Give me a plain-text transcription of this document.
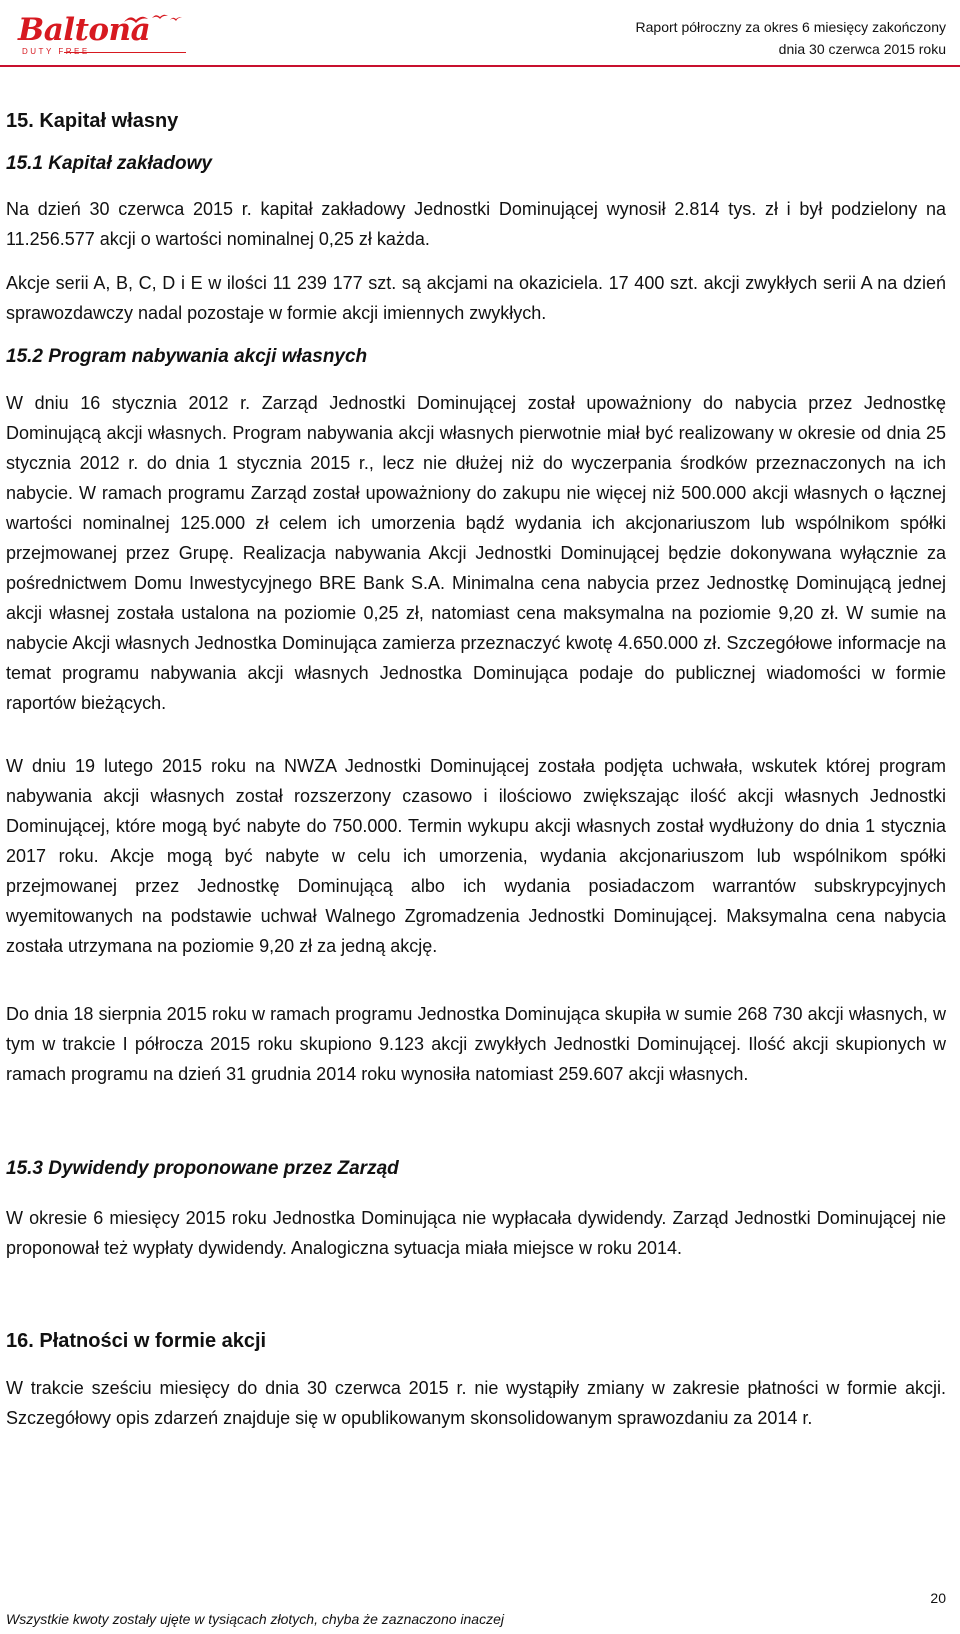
Baltona
DUTY FREE
Raport półroczny za okres 6 miesięcy zakończony
dnia 30 czerwca 2015 roku
15. Kapitał własny
15.1 Kapitał zakładowy

Na dzień 30 czerwca 2015 r. kapitał zakładowy Jednostki Dominującej wynosił 2.814 tys. zł i był podzielony na 11.256.577 akcji o wartości nominalnej 0,25 zł każda.

Akcje serii A, B, C, D i E w ilości 11 239 177 szt. są akcjami na okaziciela. 17 400 szt. akcji zwykłych serii A na dzień sprawozdawczy nadal pozostaje w formie akcji imiennych zwykłych.

15.2 Program nabywania akcji własnych

W dniu 16 stycznia 2012 r. Zarząd Jednostki Dominującej został upoważniony do nabycia przez Jednostkę Dominującą akcji własnych. Program nabywania akcji własnych pierwotnie miał być realizowany w okresie od dnia 25 stycznia 2012 r. do dnia 1 stycznia 2015 r., lecz nie dłużej niż do wyczerpania środków przeznaczonych na ich nabycie. W ramach programu Zarząd został upoważniony do zakupu nie więcej niż 500.000 akcji własnych o łącznej wartości nominalnej 125.000 zł celem ich umorzenia bądź wydania ich akcjonariuszom lub wspólnikom spółki przejmowanej przez Grupę. Realizacja nabywania Akcji Jednostki Dominującej będzie dokonywana wyłącznie za pośrednictwem Domu Inwestycyjnego BRE Bank S.A. Minimalna cena nabycia przez Jednostkę Dominującą jednej akcji własnej została ustalona na poziomie 0,25 zł, natomiast cena maksymalna na poziomie 9,20 zł. W sumie na nabycie Akcji własnych Jednostka Dominująca zamierza przeznaczyć kwotę 4.650.000 zł. Szczegółowe informacje na temat programu nabywania akcji własnych Jednostka Dominująca podaje do publicznej wiadomości w formie raportów bieżących.

W dniu 19 lutego 2015 roku na NWZA Jednostki Dominującej została podjęta uchwała, wskutek której program nabywania akcji własnych został rozszerzony czasowo i ilościowo zwiększając ilość akcji własnych Jednostki Dominującej, które mogą być nabyte do 750.000. Termin wykupu akcji własnych został wydłużony do dnia 1 stycznia 2017 roku. Akcje mogą być nabyte w celu ich umorzenia, wydania akcjonariuszom lub wspólnikom spółki przejmowanej przez Jednostkę Dominującą albo ich wydania posiadaczom warrantów subskrypcyjnych wyemitowanych na podstawie uchwał Walnego Zgromadzenia Jednostki Dominującej. Maksymalna cena nabycia została utrzymana na poziomie 9,20 zł za jedną akcję.

Do dnia 18 sierpnia 2015 roku w ramach programu Jednostka Dominująca skupiła w sumie 268 730 akcji własnych, w tym w trakcie I półrocza 2015 roku skupiono 9.123 akcji zwykłych Jednostki Dominującej. Ilość akcji skupionych w ramach programu na dzień 31 grudnia 2014 roku wynosiła natomiast 259.607 akcji własnych.

15.3 Dywidendy proponowane przez Zarząd

W okresie 6 miesięcy 2015 roku Jednostka Dominująca nie wypłacała dywidendy. Zarząd Jednostki Dominującej nie proponował też wypłaty dywidendy. Analogiczna sytuacja miała miejsce w roku 2014.

16. Płatności w formie akcji

W trakcie sześciu miesięcy do dnia 30 czerwca 2015 r. nie wystąpiły zmiany w zakresie płatności w formie akcji. Szczegółowy opis zdarzeń znajduje się w opublikowanym skonsolidowanym sprawozdaniu za 2014 r.

20
Wszystkie kwoty zostały ujęte w tysiącach złotych, chyba że zaznaczono inaczej
